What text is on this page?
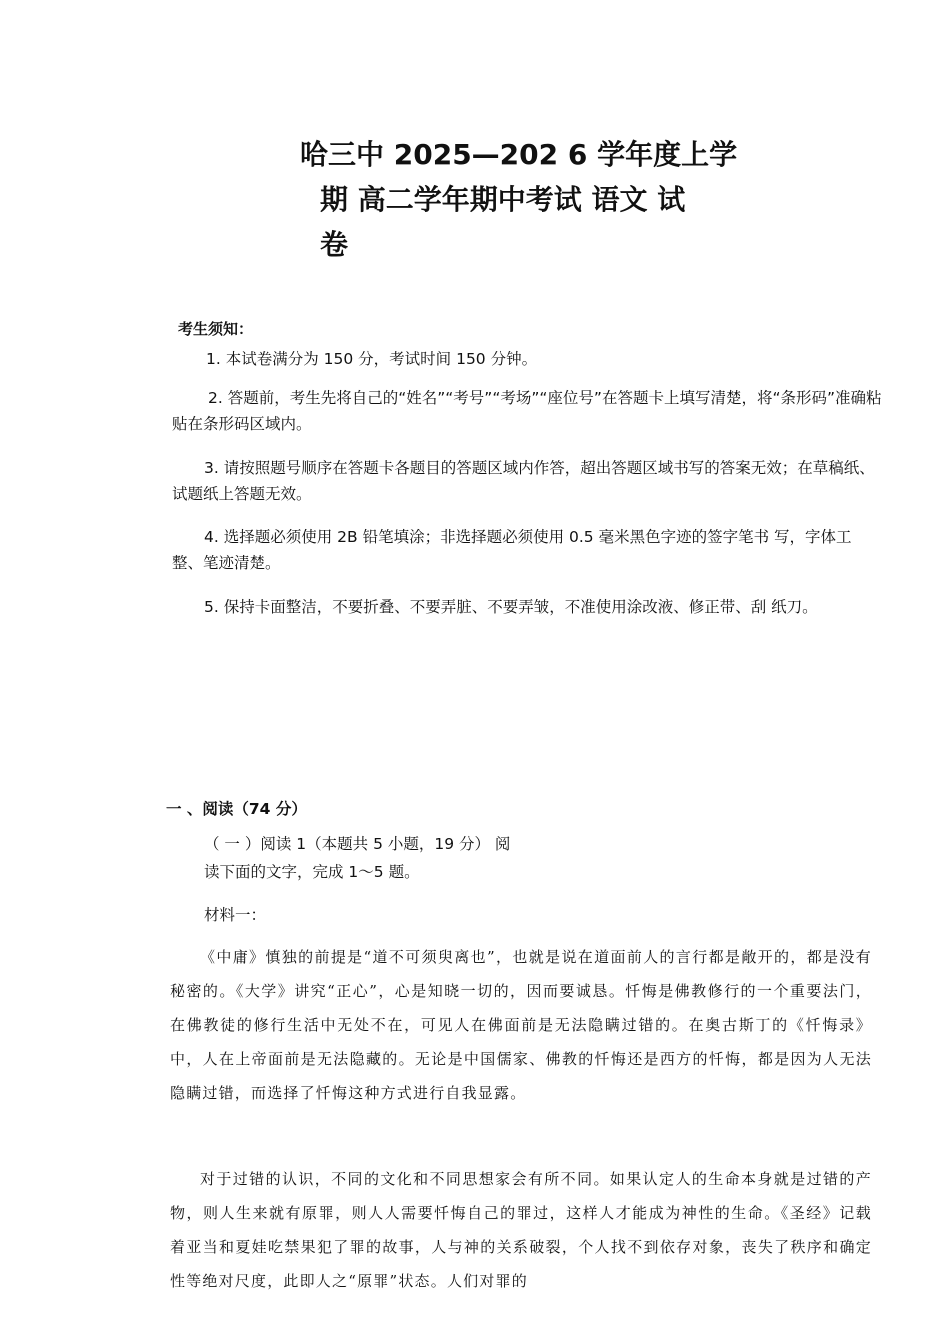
哈三中 2025—202 6 学年度上学
期 高二学年期中考试 语文 试
卷
考生须知：
1. 本试卷满分为 150 分，考试时间 150 分钟。
2. 答题前，考生先将自己的“姓名”“考号”“考场”“座位号”在答题卡上填写清楚，将“条形码”准确粘贴在条形码区域内。
3. 请按照题号顺序在答题卡各题目的答题区域内作答，超出答题区域书写的答案无效；在草稿纸、试题纸上答题无效。
4. 选择题必须使用 2B 铅笔填涂；非选择题必须使用 0.5 毫米黑色字迹的签字笔书 写，字体工整、笔迹清楚。
5. 保持卡面整洁，不要折叠、不要弄脏、不要弄皱，不准使用涂改液、修正带、刮 纸刀。
一 、阅读（74 分）
（ 一 ）阅读 1（本题共 5 小题，19 分） 阅读下面的文字，完成 1～5 题。
材料一：
《中庸》慎独的前提是“道不可须臾离也”，也就是说在道面前人的言行都是敞开的，都是没有秘密的。《大学》讲究“正心”，心是知晓一切的，因而要诚恳。忏悔是佛教修行的一个重要法门，在佛教徒的修行生活中无处不在，可见人在佛面前是无法隐瞒过错的。在奥古斯丁的《忏悔录》中，人在上帝面前是无法隐藏的。无论是中国儒家、佛教的忏悔还是西方的忏悔，都是因为人无法隐瞒过错，而选择了忏悔这种方式进行自我显露。
对于过错的认识，不同的文化和不同思想家会有所不同。如果认定人的生命本身就是过错的产物，则人生来就有原罪，则人人需要忏悔自己的罪过，这样人才能成为神性的生命。《圣经》记载着亚当和夏娃吃禁果犯了罪的故事，人与神的关系破裂，个人找不到依存对象，丧失了秩序和确定性等绝对尺度，此即人之“原罪”状态。人们对罪的
